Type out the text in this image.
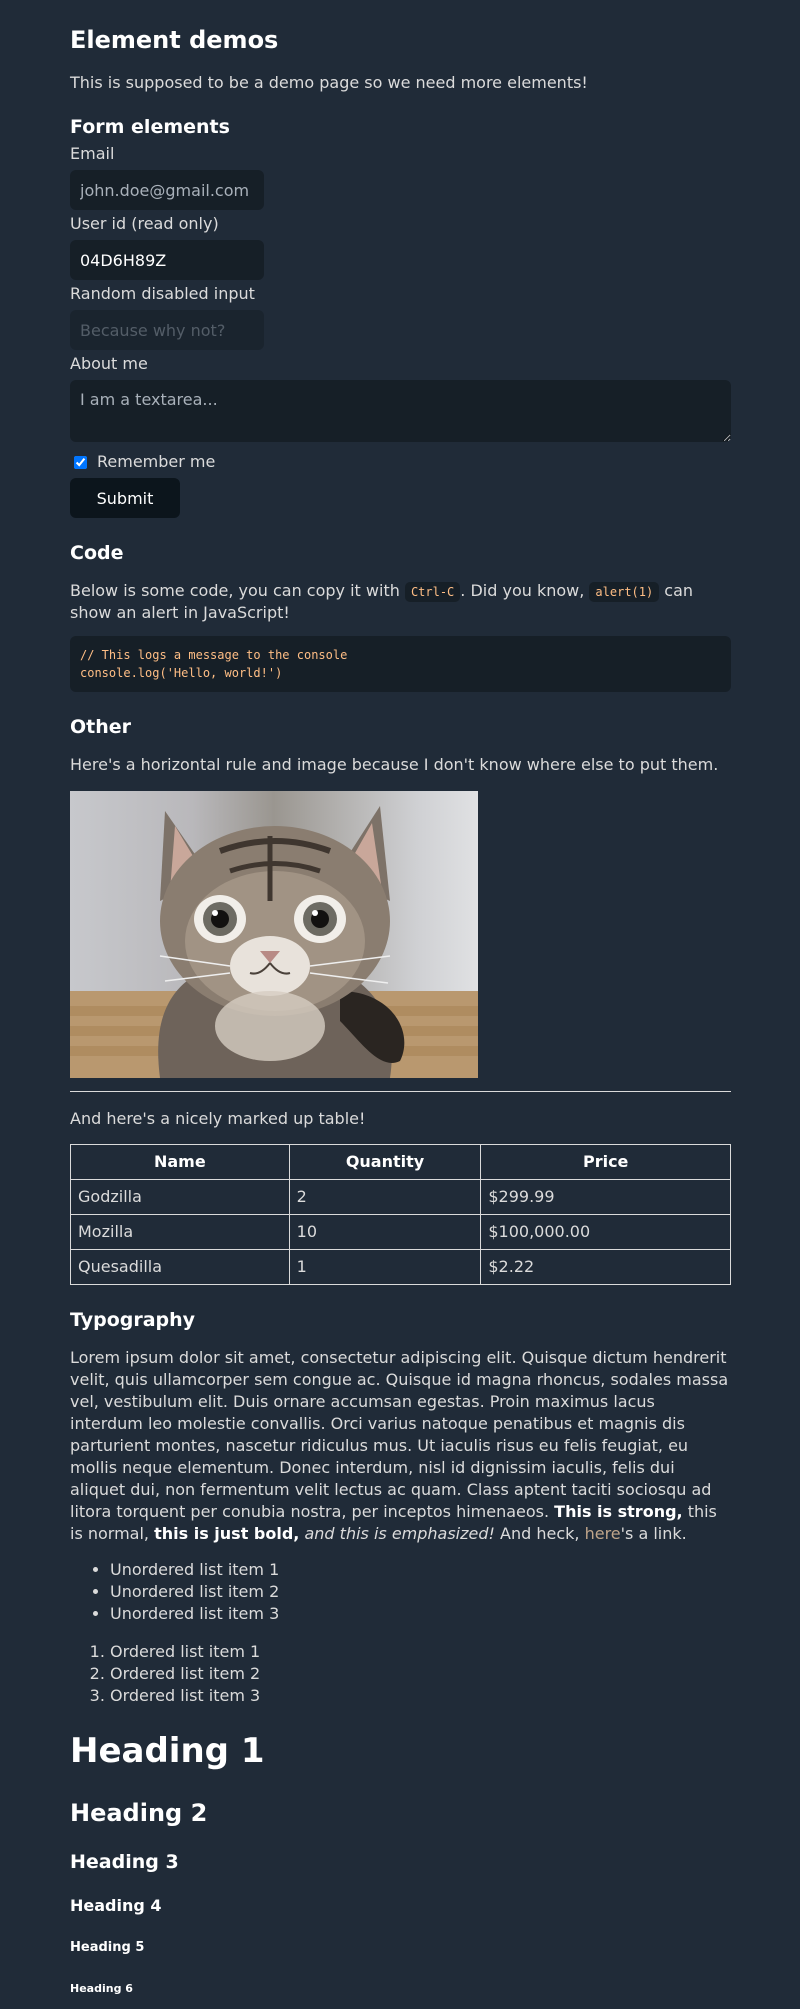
Element demos

This is supposed to be a demo page so we need more elements!

Form elements
Email
john.doe@gmail.com
User id (read only)
04D6H89Z
Random disabled input
Because why not?
About me
I am a textarea...
Remember me
Submit
Code

Below is some code, you can copy it with Ctrl-C . Did you know, alert(1) can show an alert in JavaScript!

// This logs a message to the console
console.log('Hello, world!')
Other

Here's a horizontal rule and image because I don't know where else to put them.

And here's a nicely marked up table!

Name	Quantity	Price
Godzilla	2	$299.99
Mozilla	10	$100,000.00
Quesadilla	1	$2.22
Typography

Lorem ipsum dolor sit amet, consectetur adipiscing elit. Quisque dictum hendrerit velit, quis ullamcorper sem congue ac. Quisque id magna rhoncus, sodales massa vel, vestibulum elit. Duis ornare accumsan egestas. Proin maximus lacus interdum leo molestie convallis. Orci varius natoque penatibus et magnis dis parturient montes, nascetur ridiculus mus. Ut iaculis risus eu felis feugiat, eu mollis neque elementum. Donec interdum, nisl id dignissim iaculis, felis dui aliquet dui, non fermentum velit lectus ac quam. Class aptent taciti sociosqu ad litora torquent per conubia nostra, per inceptos himenaeos. This is strong, this is normal, this is just bold, and this is emphasized! And heck, here's a link.

• Unordered list item 1
• Unordered list item 2
• Unordered list item 3
1. Ordered list item 1
2. Ordered list item 2
3. Ordered list item 3
Heading 1
Heading 2
Heading 3
Heading 4
Heading 5
Heading 6
